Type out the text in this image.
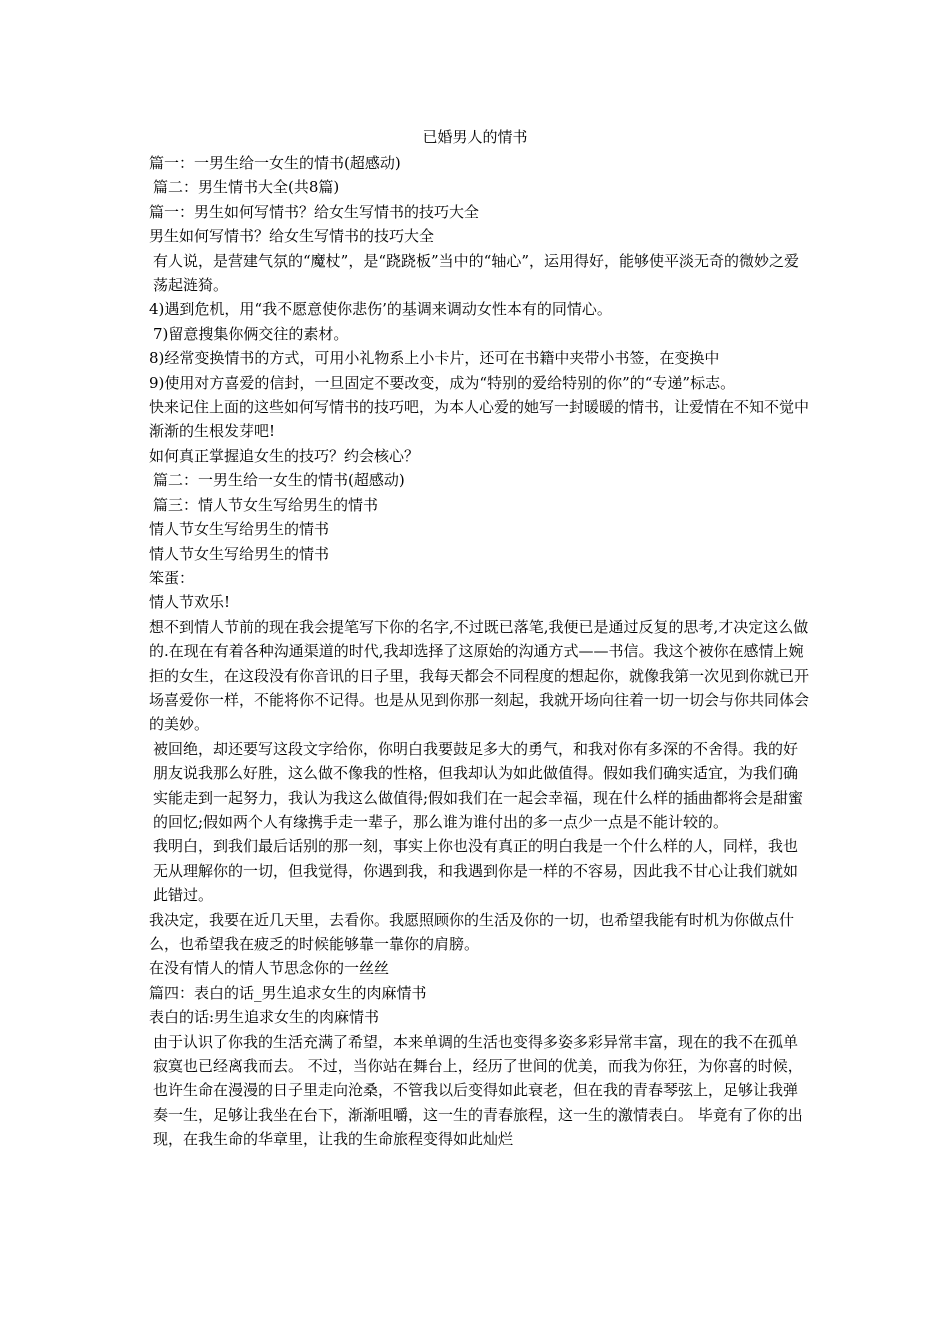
已婚男人的情书

篇一：一男生给一女生的情书(超感动)

篇二：男生情书大全(共8篇)

篇一：男生如何写情书？给女生写情书的技巧大全

男生如何写情书？给女生写情书的技巧大全

有人说，是营建气氛的“魔杖”，是“跷跷板”当中的“轴心”，运用得好，能够使平淡无奇的微妙之爱荡起涟猗。

4)遇到危机，用“我不愿意使你悲伤’的基调来调动女性本有的同情心。

7)留意搜集你俩交往的素材。

8)经常变换情书的方式，可用小礼物系上小卡片，还可在书籍中夹带小书签，在变换中

9)使用对方喜爱的信封，一旦固定不要改变，成为“特别的爱给特别的你”的“专递”标志。

快来记住上面的这些如何写情书的技巧吧，为本人心爱的她写一封暖暖的情书，让爱情在不知不觉中渐渐的生根发芽吧!

如何真正掌握追女生的技巧？约会核心？

篇二：一男生给一女生的情书(超感动)

篇三：情人节女生写给男生的情书

情人节女生写给男生的情书

情人节女生写给男生的情书

笨蛋：

情人节欢乐!

想不到情人节前的现在我会提笔写下你的名字,不过既已落笔,我便已是通过反复的思考,才决定这么做的.在现在有着各种沟通渠道的时代,我却选择了这原始的沟通方式——书信。我这个被你在感情上婉拒的女生，在这段没有你音讯的日子里，我每天都会不同程度的想起你，就像我第一次见到你就已开场喜爱你一样，不能将你不记得。也是从见到你那一刻起，我就开场向往着一切一切会与你共同体会的美妙。

被回绝，却还要写这段文字给你，你明白我要鼓足多大的勇气，和我对你有多深的不舍得。我的好朋友说我那么好胜，这么做不像我的性格，但我却认为如此做值得。假如我们确实适宜，为我们确实能走到一起努力，我认为我这么做值得;假如我们在一起会幸福，现在什么样的插曲都将会是甜蜜的回忆;假如两个人有缘携手走一辈子，那么谁为谁付出的多一点少一点是不能计较的。

我明白，到我们最后话别的那一刻，事实上你也没有真正的明白我是一个什么样的人，同样，我也无从理解你的一切，但我觉得，你遇到我，和我遇到你是一样的不容易，因此我不甘心让我们就如此错过。

我决定，我要在近几天里，去看你。我愿照顾你的生活及你的一切，也希望我能有时机为你做点什么，也希望我在疲乏的时候能够靠一靠你的肩膀。

在没有情人的情人节思念你的一丝丝

篇四：表白的话_男生追求女生的肉麻情书

表白的话:男生追求女生的肉麻情书

由于认识了你我的生活充满了希望，本来单调的生活也变得多姿多彩异常丰富，现在的我不在孤单寂寞也已经离我而去。 不过，当你站在舞台上，经历了世间的优美，而我为你狂，为你喜的时候，也许生命在漫漫的日子里走向沧桑，不管我以后变得如此衰老，但在我的青春琴弦上，足够让我弹奏一生，足够让我坐在台下，渐渐咀嚼，这一生的青春旅程，这一生的激情表白。 毕竟有了你的出现，在我生命的华章里，让我的生命旅程变得如此灿烂
